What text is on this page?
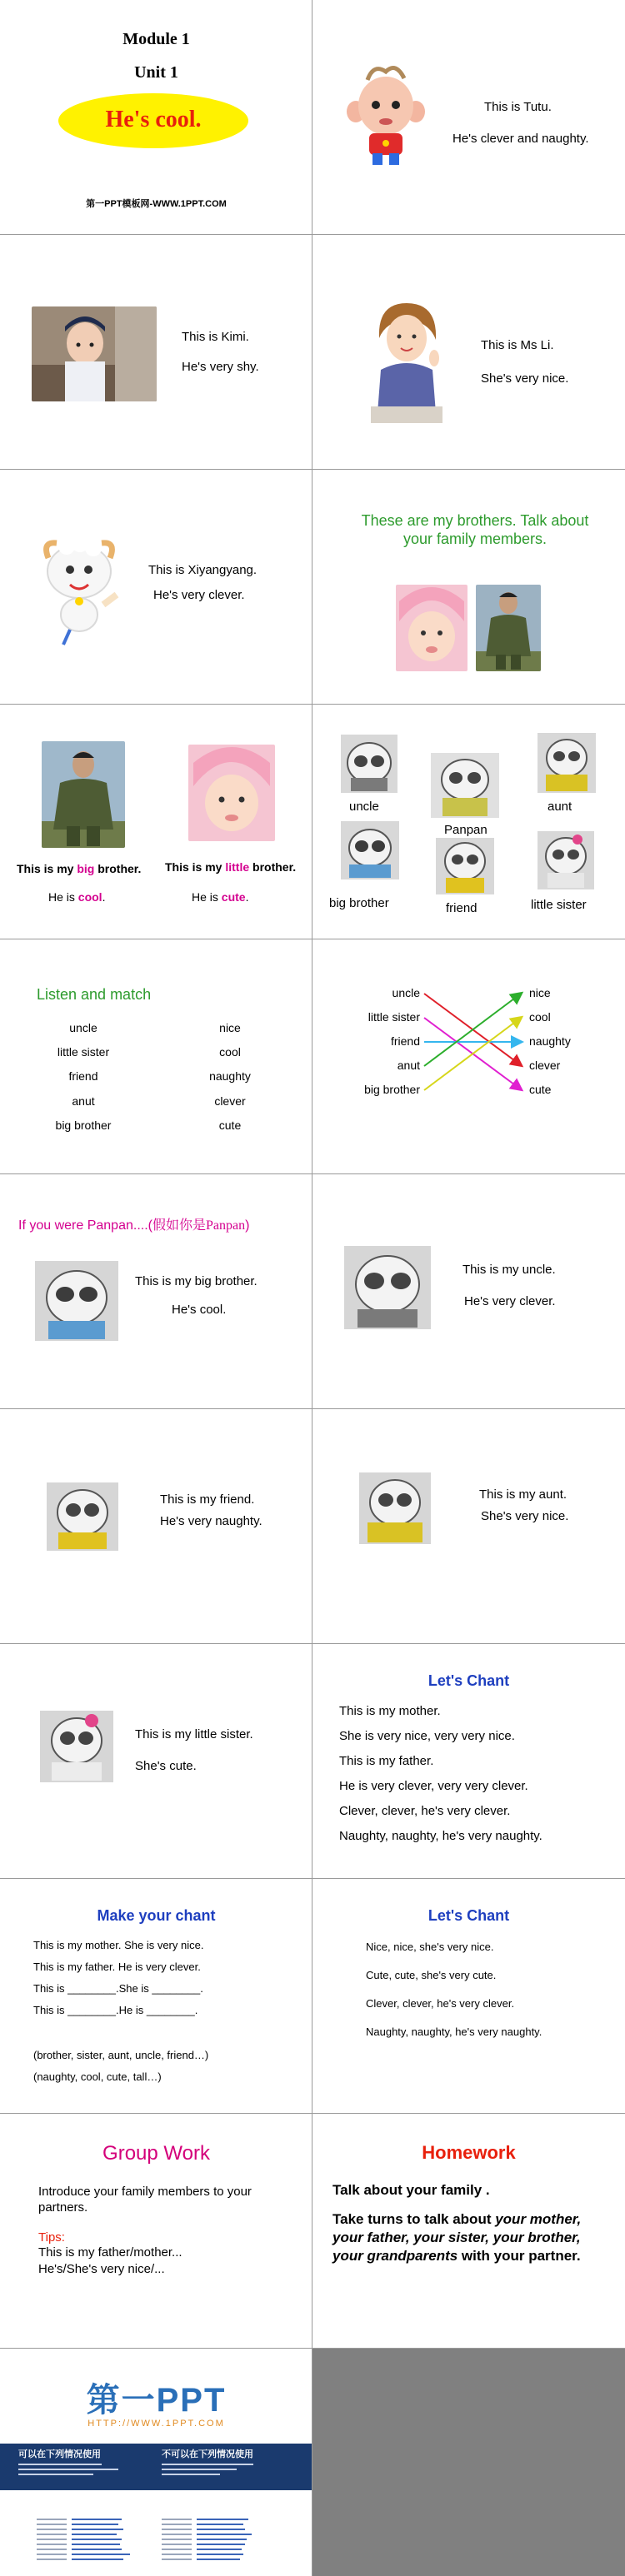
Module 1
Unit 1
He's cool.
第一PPT模板网-WWW.1PPT.COM
This is Tutu.
He's clever and naughty.
This is Kimi.
He's very shy.
This is Ms Li.
She's very nice.
This is Xiyangyang.
He's very clever.
These are my brothers. Talk about your family members.
This is my big brother.
He is cool.
This is my little brother.
He is cute.
uncle	aunt
Panpan
big brother	friend	little sister
Listen and match
uncle
little sister
friend
anut
big brother
nice
cool
naughty
clever
cute
uncle
little sister
friend
anut
big brother
nice
cool
naughty
clever
cute
If you were Panpan....(假如你是Panpan)
This is my big brother.
He's cool.
This is my uncle.
He's very clever.
This is my friend.
He's very naughty.
This is my aunt.
She's very nice.
This is my little sister.
She's cute.
Let's Chant
This is my mother.
She is very nice, very very nice.
This is my father.
He is very clever, very very clever.
Clever, clever, he's very clever.
Naughty, naughty, he's very naughty.
Make your chant
This is my mother. She is very nice.
This is my father. He is very clever.
This is ________.She is ________.
This is ________.He is ________.
(brother, sister, aunt, uncle, friend…)
(naughty, cool, cute, tall…)
Let's Chant
Nice, nice, she's very nice.
Cute, cute, she's very cute.
Clever, clever, he's very clever.
Naughty, naughty, he's very naughty.
Group Work
Introduce your family members to your partners.
Tips:
This is my father/mother...
He's/She's very nice/...
Homework
Talk about your family .
Take turns to talk about your mother, your father, your sister, your brother, your grandparents with your partner.
第一PPT
HTTP://WWW.1PPT.COM
可以在下列情况使用	不可以在下列情况使用
